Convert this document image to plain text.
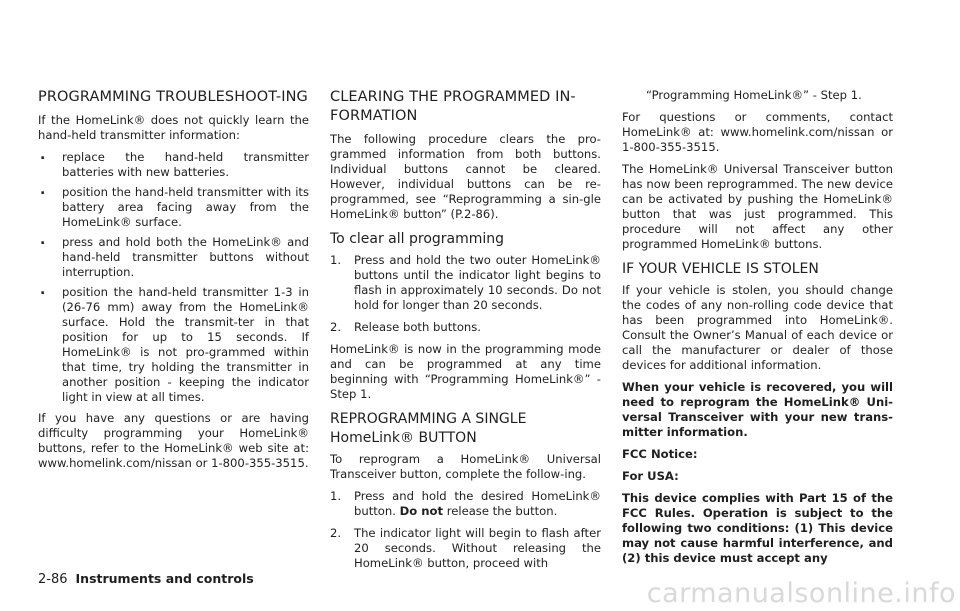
PROGRAMMING TROUBLESHOOT-ING
If the HomeLink® does not quickly learn the hand-held transmitter information:
. replace the hand-held transmitter batteries with new batteries.
. position the hand-held transmitter with its battery area facing away from the HomeLink® surface.
. press and hold both the HomeLink® and hand-held transmitter buttons without interruption.
. position the hand-held transmitter 1-3 in (26-76 mm) away from the HomeLink® surface. Hold the transmit-ter in that position for up to 15 seconds. If HomeLink® is not pro-grammed within that time, try holding the transmitter in another position - keeping the indicator light in view at all times.
If you have any questions or are having difficulty programming your HomeLink® buttons, refer to the HomeLink® web site at: www.homelink.com/nissan or 1-800-355-3515.
CLEARING THE PROGRAMMED IN-FORMATION
The following procedure clears the pro-grammed information from both buttons. Individual buttons cannot be cleared. However, individual buttons can be re-programmed, see “Reprogramming a sin-gle HomeLink® button” (P.2-86).
To clear all programming
1. Press and hold the two outer HomeLink® buttons until the indicator light begins to flash in approximately 10 seconds. Do not hold for longer than 20 seconds.
2. Release both buttons.
HomeLink® is now in the programming mode and can be programmed at any time beginning with “Programming HomeLink®” - Step 1.
REPROGRAMMING A SINGLE HomeLink® BUTTON
To reprogram a HomeLink® Universal Transceiver button, complete the follow-ing.
1. Press and hold the desired HomeLink® button. Do not release the button.
2. The indicator light will begin to flash after 20 seconds. Without releasing the HomeLink® button, proceed with
“Programming HomeLink®” - Step 1.
For questions or comments, contact HomeLink® at: www.homelink.com/nissan or 1-800-355-3515.
The HomeLink® Universal Transceiver button has now been reprogrammed. The new device can be activated by pushing the HomeLink® button that was just programmed. This procedure will not affect any other programmed HomeLink® buttons.
IF YOUR VEHICLE IS STOLEN
If your vehicle is stolen, you should change the codes of any non-rolling code device that has been programmed into HomeLink®. Consult the Owner’s Manual of each device or call the manufacturer or dealer of those devices for additional information.
When your vehicle is recovered, you will need to reprogram the HomeLink® Uni-versal Transceiver with your new trans-mitter information.
FCC Notice:
For USA:
This device complies with Part 15 of the FCC Rules. Operation is subject to the following two conditions: (1) This device may not cause harmful interference, and (2) this device must accept any
2-86 Instruments and controls	carmanualsonline.info
